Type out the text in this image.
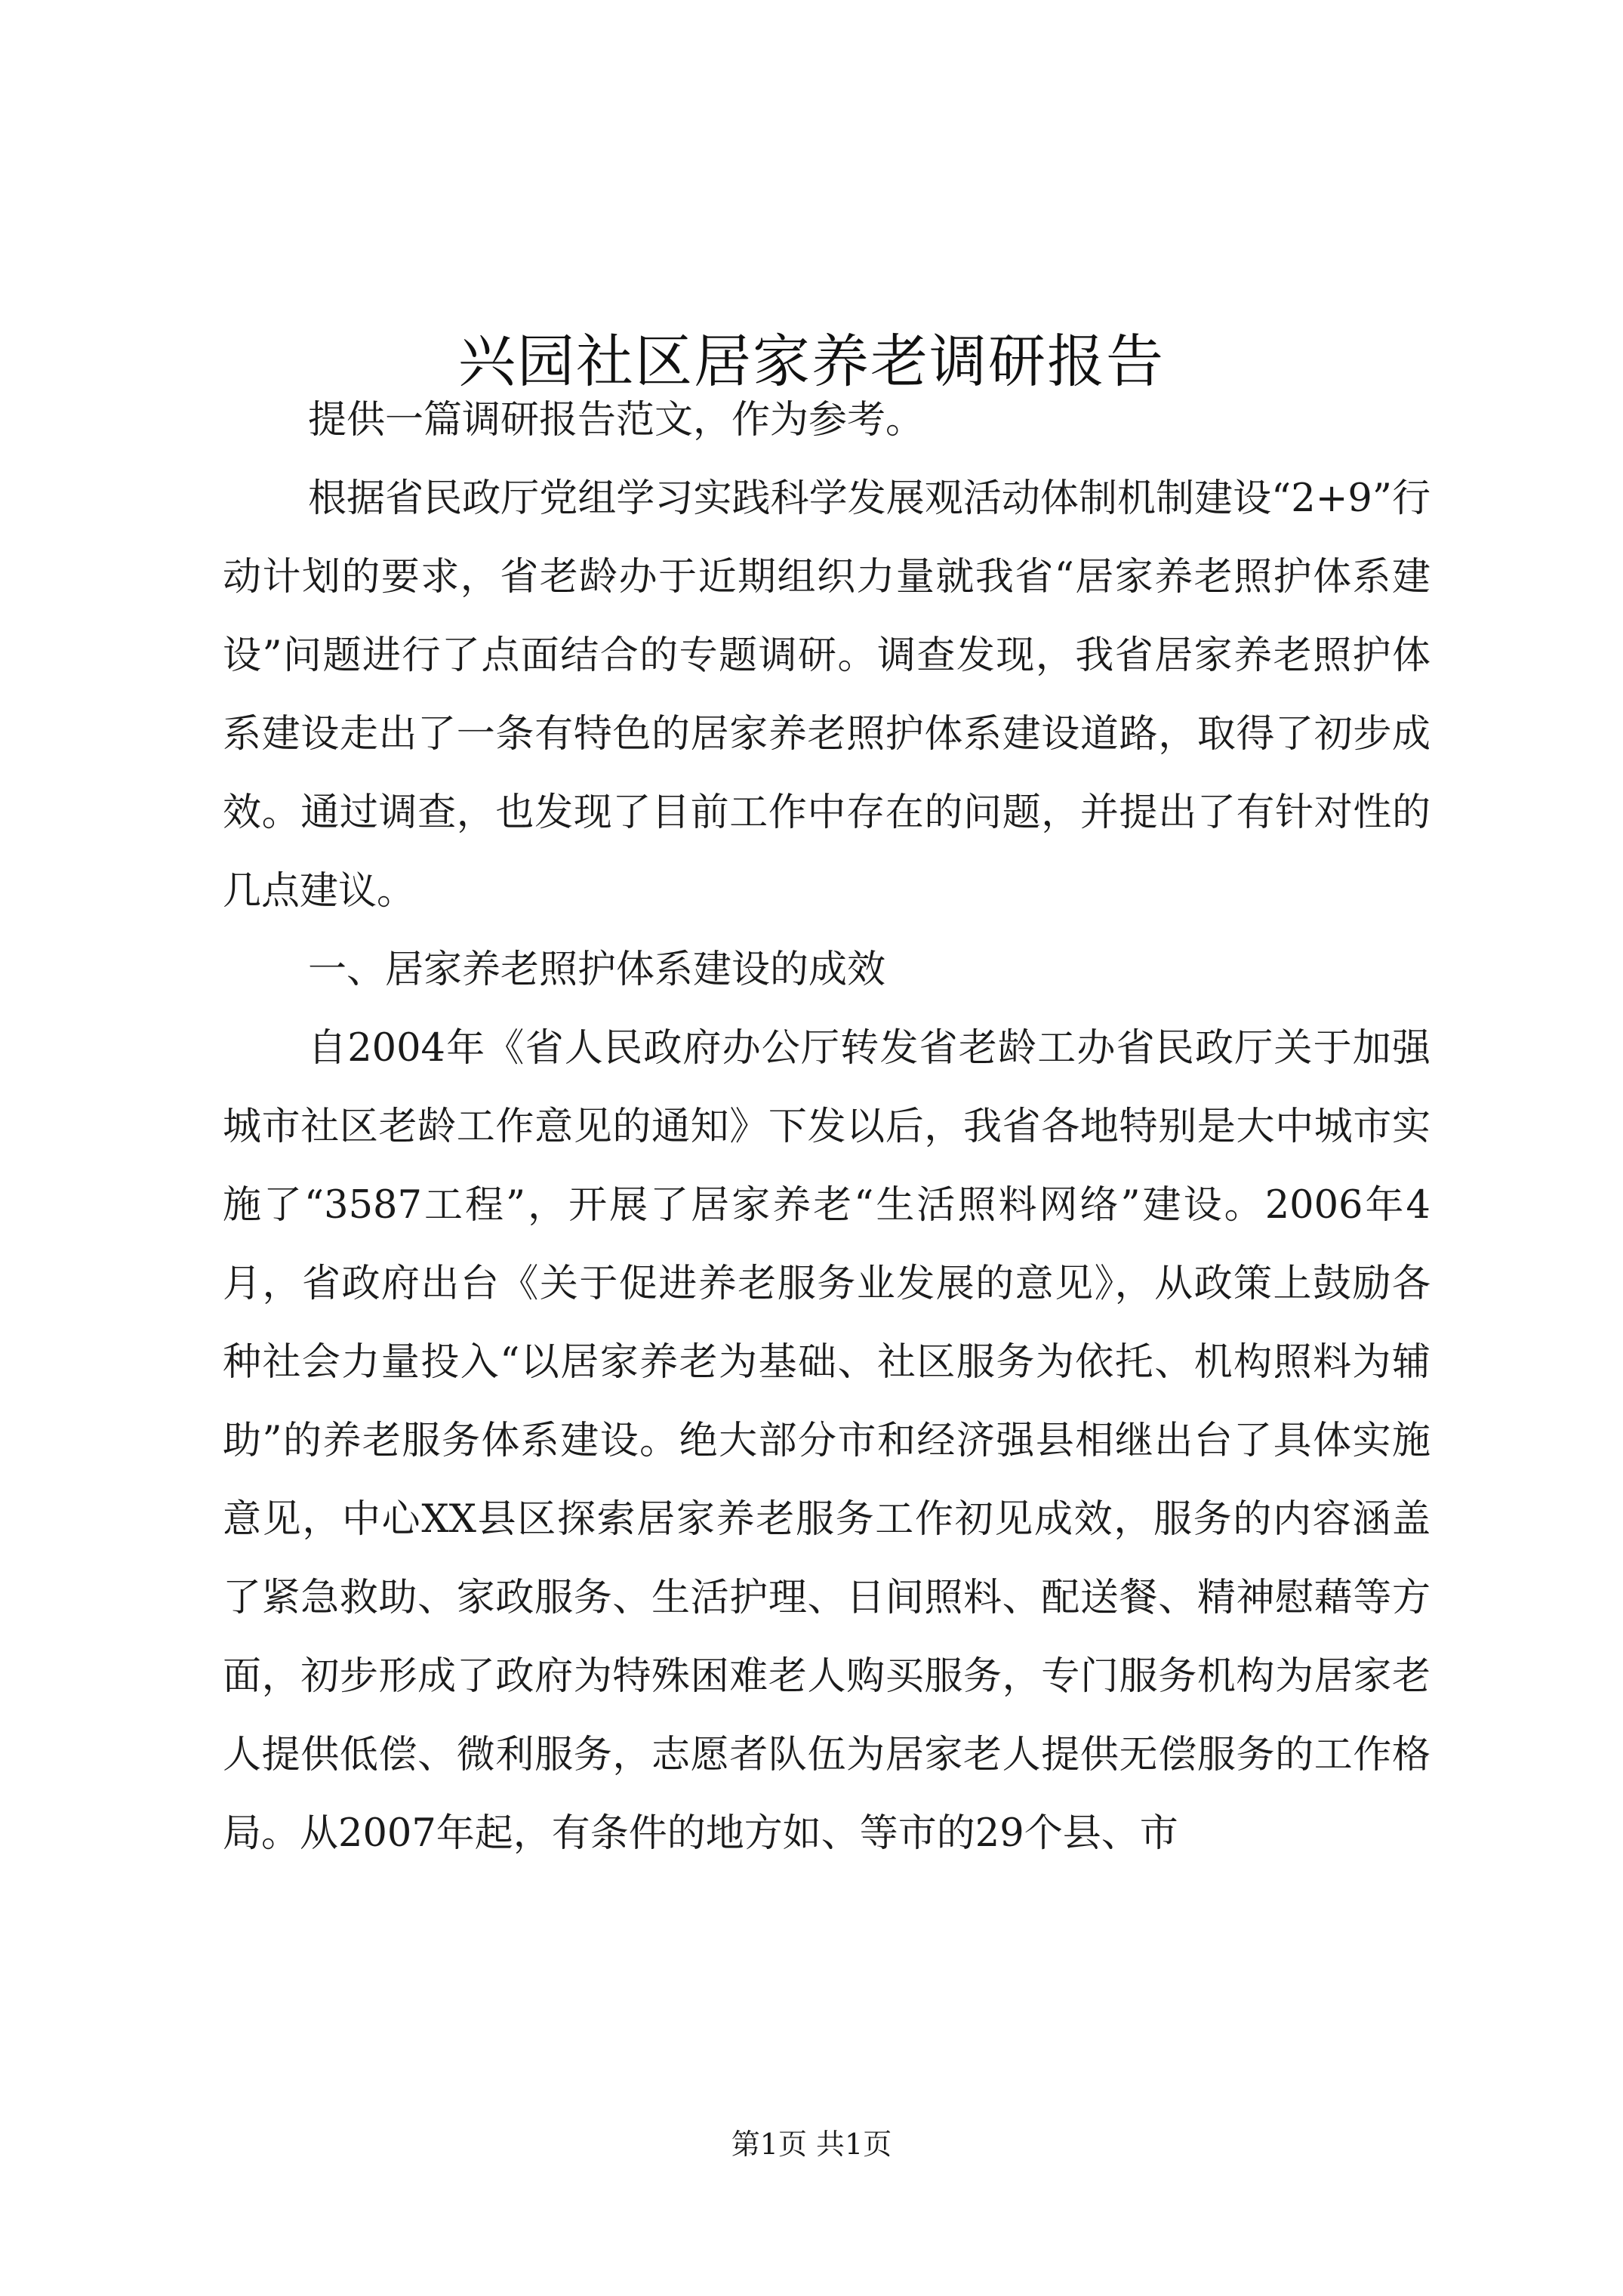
兴园社区居家养老调研报告

提供一篇调研报告范文，作为参考。

根据省民政厅党组学习实践科学发展观活动体制机制建设“2+9”行动计划的要求，省老龄办于近期组织力量就我省“居家养老照护体系建设”问题进行了点面结合的专题调研。调查发现，我省居家养老照护体系建设走出了一条有特色的居家养老照护体系建设道路，取得了初步成效。通过调查，也发现了目前工作中存在的问题，并提出了有针对性的几点建议。

一、居家养老照护体系建设的成效

自2004年《省人民政府办公厅转发省老龄工办省民政厅关于加强城市社区老龄工作意见的通知》下发以后，我省各地特别是大中城市实施了“3587工程”，开展了居家养老“生活照料网络”建设。2006年4月，省政府出台《关于促进养老服务业发展的意见》，从政策上鼓励各种社会力量投入“以居家养老为基础、社区服务为依托、机构照料为辅助”的养老服务体系建设。绝大部分市和经济强县相继出台了具体实施意见，中心XX县区探索居家养老服务工作初见成效，服务的内容涵盖了紧急救助、家政服务、生活护理、日间照料、配送餐、精神慰藉等方面，初步形成了政府为特殊困难老人购买服务，专门服务机构为居家老人提供低偿、微利服务，志愿者队伍为居家老人提供无偿服务的工作格局。从2007年起，有条件的地方如、等市的29个县、市

第1页 共1页
